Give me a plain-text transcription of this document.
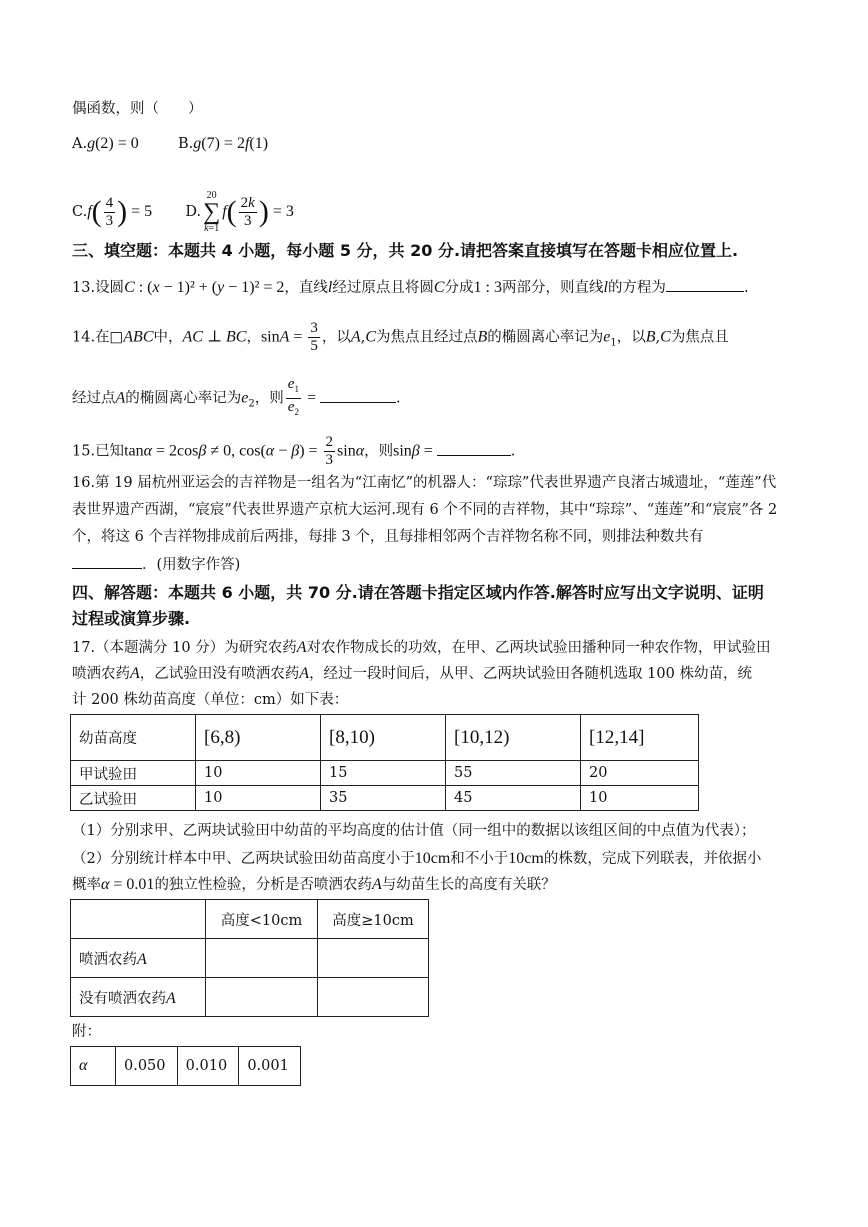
偶函数，则（　　）
A.g(2) = 0	B.g(7) = 2f(1)
$C.f( \frac{4}{3}$ ) = 5 D.
20
∑
k=1
$f( \frac{2k}{3}$ ) = 3
三、填空题：本题共 4 小题，每小题 5 分，共 20 分.请把答案直接填写在答题卡相应位置上.
13.设圆C : (x − 1)² + (y − 1)² = 2，直线l经过原点且将圆C分成1 : 3两部分，则直线l的方程为	.
14.在□ABC中，AC ⊥ BC，$\sin A = \frac{3}{5}$ ，以A,C为焦点且经过点B的椭圆离心率记为$e_1$，以B,C为焦点且
经过点A的椭圆离心率记为$e_2$，则 $\frac{e_1}{e_2}$ =	.
15.已知tanα = 2cosβ ≠ 0, $\cos(\alpha - \beta) = \frac{2}{3}$ sinα，则sinβ =	.
16.第 19 届杭州亚运会的吉祥物是一组名为“江南忆”的机器人：“琮琮”代表世界遗产良渚古城遗址，“莲莲”代
表世界遗产西湖，“宸宸”代表世界遗产京杭大运河.现有 6 个不同的吉祥物，其中“琮琮”、“莲莲”和“宸宸”各 2
个，将这 6 个吉祥物排成前后两排，每排 3 个，且每排相邻两个吉祥物名称不同，则排法种数共有
．(用数字作答)
四、解答题：本题共 6 小题，共 70 分.请在答题卡指定区域内作答.解答时应写出文字说明、证明
过程或演算步骤.
17.（本题满分 10 分）为研究农药A对农作物成长的功效，在甲、乙两块试验田播种同一种农作物，甲试验田
喷洒农药A，乙试验田没有喷洒农药A，经过一段时间后，从甲、乙两块试验田各随机选取 100 株幼苗，统
计 200 株幼苗高度（单位：cm）如下表：
幼苗高度	[6,8)	[8,10)	[10,12)	[12,14]
甲试验田	10	15	55	20
乙试验田	10	35	45	10
（1）分别求甲、乙两块试验田中幼苗的平均高度的估计值（同一组中的数据以该组区间的中点值为代表）；
（2）分别统计样本中甲、乙两块试验田幼苗高度小于10cm和不小于10cm的株数，完成下列联表，并依据小
概率α = 0.01的独立性检验，分析是否喷洒农药A与幼苗生长的高度有关联？
	高度<10cm	高度≥10cm
喷洒农药A		
没有喷洒农药A		
附：
α	0.050	0.010	0.001
